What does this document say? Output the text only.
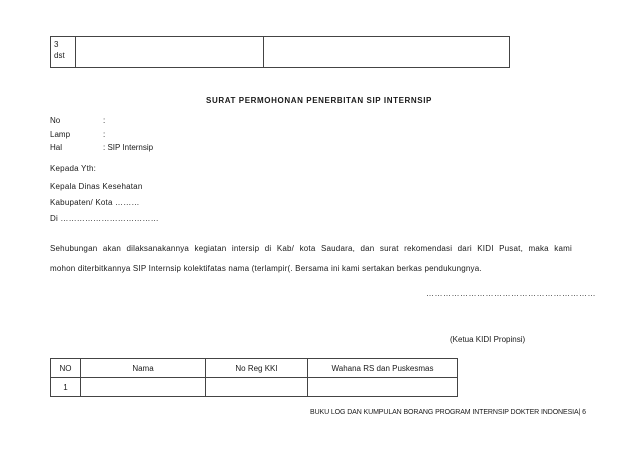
3
dst

SURAT PERMOHONAN PENERBITAN SIP INTERNSIP
No	:
Lamp	:
Hal	: SIP Internsip
Kepada Yth:
Kepala Dinas Kesehatan
Kabupaten/ Kota ………
Di ………………………………
Sehubungan akan dilaksanakannya kegiatan intersip di Kab/ kota Saudara, dan surat rekomendasi dari KIDI Pusat, maka kami
mohon diterbitkannya SIP Internsip kolektifatas nama (terlampir(. Bersama ini kami sertakan berkas pendukungnya.
……………………………………………………
(Ketua KIDI Propinsi)
NO	Nama	No Reg KKI	Wahana RS dan Puskesmas
1			
BUKU LOG DAN KUMPULAN BORANG PROGRAM INTERNSIP DOKTER INDONESIA| 6
